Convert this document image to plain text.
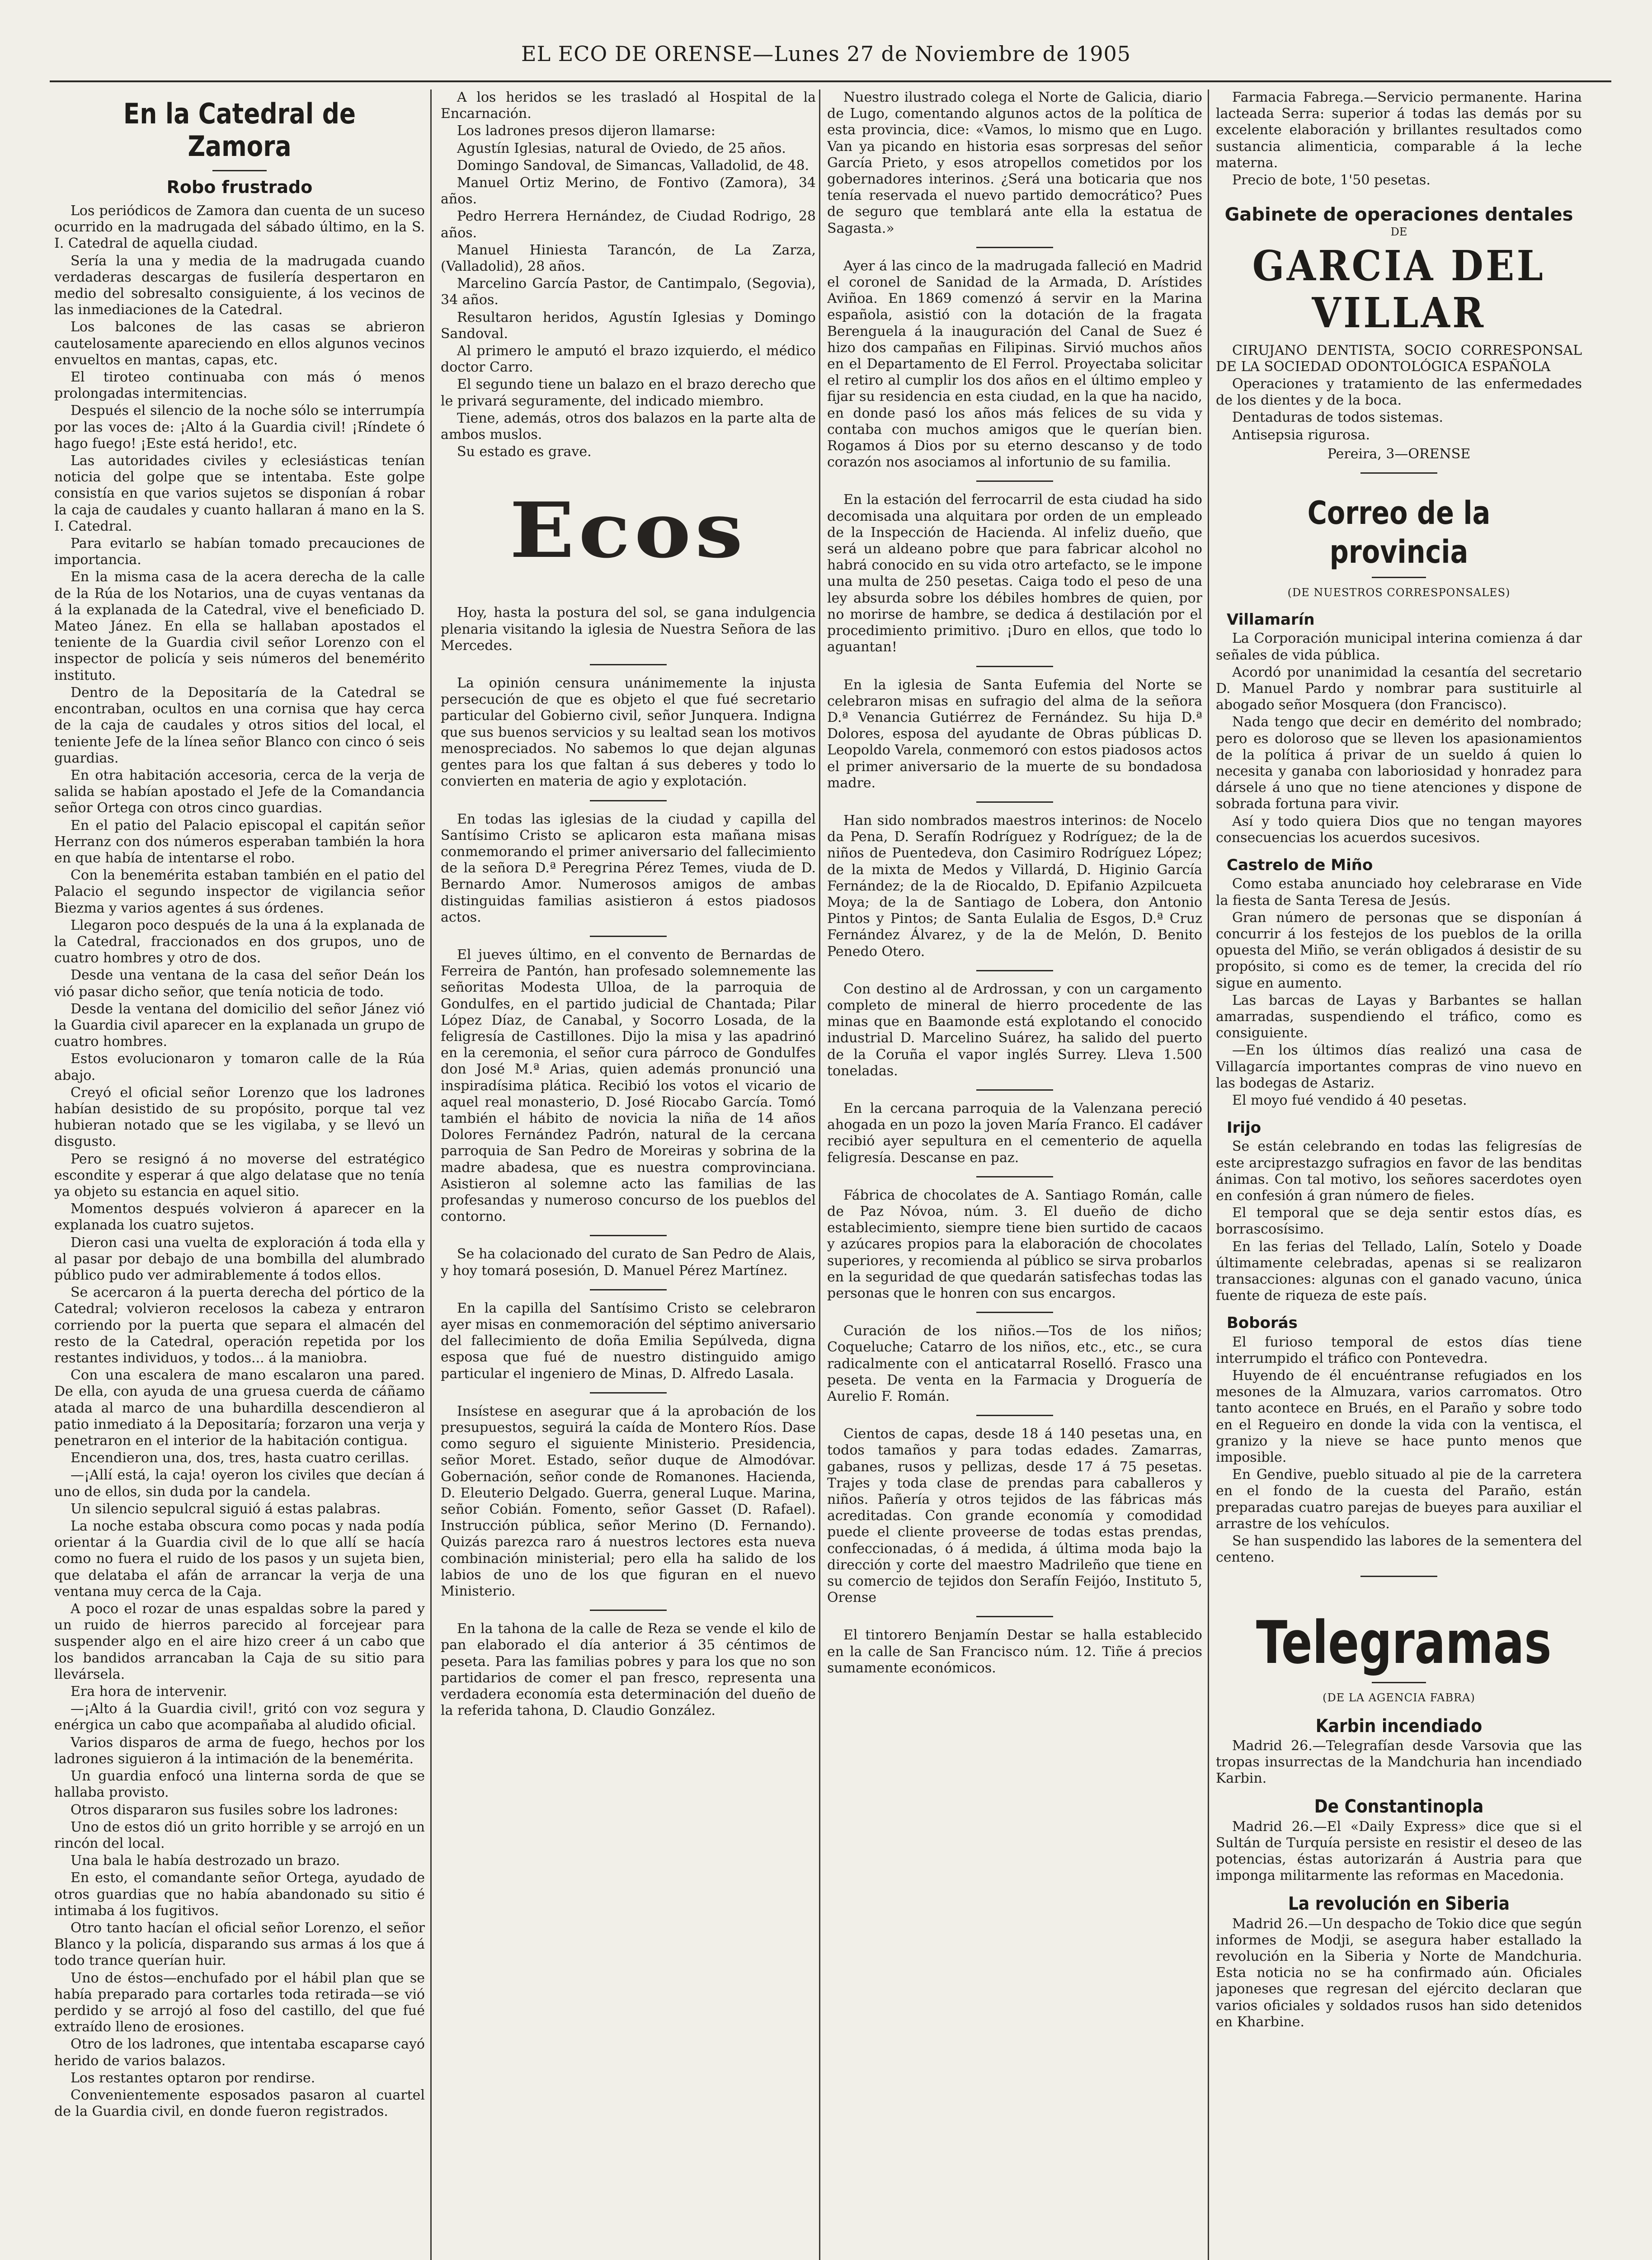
EL ECO DE ORENSE—Lunes 27 de Noviembre de 1905
En la Catedral de Zamora
Robo frustrado

Los periódicos de Zamora dan cuenta de un suceso ocurrido en la madrugada del sábado último, en la S. I. Catedral de aquella ciudad.

Sería la una y media de la madrugada cuando verdaderas descargas de fusilería despertaron en medio del sobresalto consiguiente, á los vecinos de las inmediaciones de la Catedral.

Los balcones de las casas se abrieron cautelosamente apareciendo en ellos algunos vecinos envueltos en mantas, capas, etc.

El tiroteo continuaba con más ó menos prolongadas intermitencias.

Después el silencio de la noche sólo se interrumpía por las voces de: ¡Alto á la Guardia civil! ¡Ríndete ó hago fuego! ¡Este está herido!, etc.

Las autoridades civiles y eclesiásticas tenían noticia del golpe que se intentaba. Este golpe consistía en que varios sujetos se disponían á robar la caja de caudales y cuanto hallaran á mano en la S. I. Catedral.

Para evitarlo se habían tomado precauciones de importancia.

En la misma casa de la acera derecha de la calle de la Rúa de los Notarios, una de cuyas ventanas da á la explanada de la Catedral, vive el beneficiado D. Mateo Jánez. En ella se hallaban apostados el teniente de la Guardia civil señor Lorenzo con el inspector de policía y seis números del benemérito instituto.

Dentro de la Depositaría de la Catedral se encontraban, ocultos en una cornisa que hay cerca de la caja de caudales y otros sitios del local, el teniente Jefe de la línea señor Blanco con cinco ó seis guardias.

En otra habitación accesoria, cerca de la verja de salida se habían apostado el Jefe de la Comandancia señor Ortega con otros cinco guardias.

En el patio del Palacio episcopal el capitán señor Herranz con dos números esperaban también la hora en que había de intentarse el robo.

Con la benemérita estaban también en el patio del Palacio el segundo inspector de vigilancia señor Biezma y varios agentes á sus órdenes.

Llegaron poco después de la una á la explanada de la Catedral, fraccionados en dos grupos, uno de cuatro hombres y otro de dos.

Desde una ventana de la casa del señor Deán los vió pasar dicho señor, que tenía noticia de todo.

Desde la ventana del domicilio del señor Jánez vió la Guardia civil aparecer en la explanada un grupo de cuatro hombres.

Estos evolucionaron y tomaron calle de la Rúa abajo.

Creyó el oficial señor Lorenzo que los ladrones habían desistido de su propósito, porque tal vez hubieran notado que se les vigilaba, y se llevó un disgusto.

Pero se resignó á no moverse del estratégico escondite y esperar á que algo delatase que no tenía ya objeto su estancia en aquel sitio.

Momentos después volvieron á aparecer en la explanada los cuatro sujetos.

Dieron casi una vuelta de exploración á toda ella y al pasar por debajo de una bombilla del alumbrado público pudo ver admirablemente á todos ellos.

Se acercaron á la puerta derecha del pórtico de la Catedral; volvieron recelosos la cabeza y entraron corriendo por la puerta que separa el almacén del resto de la Catedral, operación repetida por los restantes individuos, y todos... á la maniobra.

Con una escalera de mano escalaron una pared. De ella, con ayuda de una gruesa cuerda de cáñamo atada al marco de una buhardilla descendieron al patio inmediato á la Depositaría; forzaron una verja y penetraron en el interior de la habitación contigua.

Encendieron una, dos, tres, hasta cuatro cerillas.

—¡Allí está, la caja! oyeron los civiles que decían á uno de ellos, sin duda por la candela.

Un silencio sepulcral siguió á estas palabras.

La noche estaba obscura como pocas y nada podía orientar á la Guardia civil de lo que allí se hacía como no fuera el ruido de los pasos y un sujeta bien, que delataba el afán de arrancar la verja de una ventana muy cerca de la Caja.

A poco el rozar de unas espaldas sobre la pared y un ruido de hierros parecido al forcejear para suspender algo en el aire hizo creer á un cabo que los bandidos arrancaban la Caja de su sitio para llevársela.

Era hora de intervenir.

—¡Alto á la Guardia civil!, gritó con voz segura y enérgica un cabo que acompañaba al aludido oficial.

Varios disparos de arma de fuego, hechos por los ladrones siguieron á la intimación de la benemérita.

Un guardia enfocó una linterna sorda de que se hallaba provisto.

Otros dispararon sus fusiles sobre los ladrones:

Uno de estos dió un grito horrible y se arrojó en un rincón del local.

Una bala le había destrozado un brazo.

En esto, el comandante señor Ortega, ayudado de otros guardias que no había abandonado su sitio é intimaba á los fugitivos.

Otro tanto hacían el oficial señor Lorenzo, el señor Blanco y la policía, disparando sus armas á los que á todo trance querían huir.

Uno de éstos—enchufado por el hábil plan que se había preparado para cortarles toda retirada—se vió perdido y se arrojó al foso del castillo, del que fué extraído lleno de erosiones.

Otro de los ladrones, que intentaba escaparse cayó herido de varios balazos.

Los restantes optaron por rendirse.

Convenientemente esposados pasaron al cuartel de la Guardia civil, en donde fueron registrados.

A los heridos se les trasladó al Hospital de la Encarnación.

Los ladrones presos dijeron llamarse:

Agustín Iglesias, natural de Oviedo, de 25 años.

Domingo Sandoval, de Simancas, Valladolid, de 48.

Manuel Ortiz Merino, de Fontivo (Zamora), 34 años.

Pedro Herrera Hernández, de Ciudad Rodrigo, 28 años.

Manuel Hiniesta Tarancón, de La Zarza, (Valladolid), 28 años.

Marcelino García Pastor, de Cantimpalo, (Segovia), 34 años.

Resultaron heridos, Agustín Iglesias y Domingo Sandoval.

Al primero le amputó el brazo izquierdo, el médico doctor Carro.

El segundo tiene un balazo en el brazo derecho que le privará seguramente, del indicado miembro.

Tiene, además, otros dos balazos en la parte alta de ambos muslos.

Su estado es grave.

Ecos

Hoy, hasta la postura del sol, se gana indulgencia plenaria visitando la iglesia de Nuestra Señora de las Mercedes.

La opinión censura unánimemente la injusta persecución de que es objeto el que fué secretario particular del Gobierno civil, señor Junquera. Indigna que sus buenos servicios y su lealtad sean los motivos menospreciados. No sabemos lo que dejan algunas gentes para los que faltan á sus deberes y todo lo convierten en materia de agio y explotación.

En todas las iglesias de la ciudad y capilla del Santísimo Cristo se aplicaron esta mañana misas conmemorando el primer aniversario del fallecimiento de la señora D.ª Peregrina Pérez Temes, viuda de D. Bernardo Amor. Numerosos amigos de ambas distinguidas familias asistieron á estos piadosos actos.

El jueves último, en el convento de Bernardas de Ferreira de Pantón, han profesado solemnemente las señoritas Modesta Ulloa, de la parroquia de Gondulfes, en el partido judicial de Chantada; Pilar López Díaz, de Canabal, y Socorro Losada, de la feligresía de Castillones. Dijo la misa y las apadrinó en la ceremonia, el señor cura párroco de Gondulfes don José M.ª Arias, quien además pronunció una inspiradísima plática. Recibió los votos el vicario de aquel real monasterio, D. José Riocabo García. Tomó también el hábito de novicia la niña de 14 años Dolores Fernández Padrón, natural de la cercana parroquia de San Pedro de Moreiras y sobrina de la madre abadesa, que es nuestra comprovinciana. Asistieron al solemne acto las familias de las profesandas y numeroso concurso de los pueblos del contorno.

Se ha colacionado del curato de San Pedro de Alais, y hoy tomará posesión, D. Manuel Pérez Martínez.

En la capilla del Santísimo Cristo se celebraron ayer misas en conmemoración del séptimo aniversario del fallecimiento de doña Emilia Sepúlveda, digna esposa que fué de nuestro distinguido amigo particular el ingeniero de Minas, D. Alfredo Lasala.

Insístese en asegurar que á la aprobación de los presupuestos, seguirá la caída de Montero Ríos. Dase como seguro el siguiente Ministerio. Presidencia, señor Moret. Estado, señor duque de Almodóvar. Gobernación, señor conde de Romanones. Hacienda, D. Eleuterio Delgado. Guerra, general Luque. Marina, señor Cobián. Fomento, señor Gasset (D. Rafael). Instrucción pública, señor Merino (D. Fernando). Quizás parezca raro á nuestros lectores esta nueva combinación ministerial; pero ella ha salido de los labios de uno de los que figuran en el nuevo Ministerio.

En la tahona de la calle de Reza se vende el kilo de pan elaborado el día anterior á 35 céntimos de peseta. Para las familias pobres y para los que no son partidarios de comer el pan fresco, representa una verdadera economía esta determinación del dueño de la referida tahona, D. Claudio González.

Nuestro ilustrado colega el Norte de Galicia, diario de Lugo, comentando algunos actos de la política de esta provincia, dice: «Vamos, lo mismo que en Lugo. Van ya picando en historia esas sorpresas del señor García Prieto, y esos atropellos cometidos por los gobernadores interinos. ¿Será una boticaria que nos tenía reservada el nuevo partido democrático? Pues de seguro que temblará ante ella la estatua de Sagasta.»

Ayer á las cinco de la madrugada falleció en Madrid el coronel de Sanidad de la Armada, D. Arístides Aviñoa. En 1869 comenzó á servir en la Marina española, asistió con la dotación de la fragata Berenguela á la inauguración del Canal de Suez é hizo dos campañas en Filipinas. Sirvió muchos años en el Departamento de El Ferrol. Proyectaba solicitar el retiro al cumplir los dos años en el último empleo y fijar su residencia en esta ciudad, en la que ha nacido, en donde pasó los años más felices de su vida y contaba con muchos amigos que le querían bien. Rogamos á Dios por su eterno descanso y de todo corazón nos asociamos al infortunio de su familia.

En la estación del ferrocarril de esta ciudad ha sido decomisada una alquitara por orden de un empleado de la Inspección de Hacienda. Al infeliz dueño, que será un aldeano pobre que para fabricar alcohol no habrá conocido en su vida otro artefacto, se le impone una multa de 250 pesetas. Caiga todo el peso de una ley absurda sobre los débiles hombres de quien, por no morirse de hambre, se dedica á destilación por el procedimiento primitivo. ¡Duro en ellos, que todo lo aguantan!

En la iglesia de Santa Eufemia del Norte se celebraron misas en sufragio del alma de la señora D.ª Venancia Gutiérrez de Fernández. Su hija D.ª Dolores, esposa del ayudante de Obras públicas D. Leopoldo Varela, conmemoró con estos piadosos actos el primer aniversario de la muerte de su bondadosa madre.

Han sido nombrados maestros interinos: de Nocelo da Pena, D. Serafín Rodríguez y Rodríguez; de la de niños de Puentedeva, don Casimiro Rodríguez López; de la mixta de Medos y Villardá, D. Higinio García Fernández; de la de Riocaldo, D. Epifanio Azpilcueta Moya; de la de Santiago de Lobera, don Antonio Pintos y Pintos; de Santa Eulalia de Esgos, D.ª Cruz Fernández Álvarez, y de la de Melón, D. Benito Penedo Otero.

Con destino al de Ardrossan, y con un cargamento completo de mineral de hierro procedente de las minas que en Baamonde está explotando el conocido industrial D. Marcelino Suárez, ha salido del puerto de la Coruña el vapor inglés Surrey. Lleva 1.500 toneladas.

En la cercana parroquia de la Valenzana pereció ahogada en un pozo la joven María Franco. El cadáver recibió ayer sepultura en el cementerio de aquella feligresía. Descanse en paz.

Fábrica de chocolates de A. Santiago Román, calle de Paz Nóvoa, núm. 3. El dueño de dicho establecimiento, siempre tiene bien surtido de cacaos y azúcares propios para la elaboración de chocolates superiores, y recomienda al público se sirva probarlos en la seguridad de que quedarán satisfechas todas las personas que le honren con sus encargos.

Curación de los niños.—Tos de los niños; Coqueluche; Catarro de los niños, etc., etc., se cura radicalmente con el anticatarral Roselló. Frasco una peseta. De venta en la Farmacia y Droguería de Aurelio F. Román.

Cientos de capas, desde 18 á 140 pesetas una, en todos tamaños y para todas edades. Zamarras, gabanes, rusos y pellizas, desde 17 á 75 pesetas. Trajes y toda clase de prendas para caballeros y niños. Pañería y otros tejidos de las fábricas más acreditadas. Con grande economía y comodidad puede el cliente proveerse de todas estas prendas, confeccionadas, ó á medida, á última moda bajo la dirección y corte del maestro Madrileño que tiene en su comercio de tejidos don Serafín Feijóo, Instituto 5, Orense

El tintorero Benjamín Destar se halla establecido en la calle de San Francisco núm. 12. Tiñe á precios sumamente económicos.

Farmacia Fabrega.—Servicio permanente. Harina lacteada Serra: superior á todas las demás por su excelente elaboración y brillantes resultados como sustancia alimenticia, comparable á la leche materna.

Precio de bote, 1'50 pesetas.

Gabinete de operaciones dentales
DE
GARCIA DEL VILLAR

CIRUJANO DENTISTA, SOCIO CORRESPONSAL DE LA SOCIEDAD ODONTOLÓGICA ESPAÑOLA

Operaciones y tratamiento de las enfermedades de los dientes y de la boca.

Dentaduras de todos sistemas.

Antisepsia rigurosa.

Pereira, 3—ORENSE

Correo de la provincia
(DE NUESTROS CORRESPONSALES)
Villamarín

La Corporación municipal interina comienza á dar señales de vida pública.

Acordó por unanimidad la cesantía del secretario D. Manuel Pardo y nombrar para sustituirle al abogado señor Mosquera (don Francisco).

Nada tengo que decir en demérito del nombrado; pero es doloroso que se lleven los apasionamientos de la política á privar de un sueldo á quien lo necesita y ganaba con laboriosidad y honradez para dársele á uno que no tiene atenciones y dispone de sobrada fortuna para vivir.

Así y todo quiera Dios que no tengan mayores consecuencias los acuerdos sucesivos.

Castrelo de Miño

Como estaba anunciado hoy celebrarase en Vide la fiesta de Santa Teresa de Jesús.

Gran número de personas que se disponían á concurrir á los festejos de los pueblos de la orilla opuesta del Miño, se verán obligados á desistir de su propósito, si como es de temer, la crecida del río sigue en aumento.

Las barcas de Layas y Barbantes se hallan amarradas, suspendiendo el tráfico, como es consiguiente.

—En los últimos días realizó una casa de Villagarcía importantes compras de vino nuevo en las bodegas de Astariz.

El moyo fué vendido á 40 pesetas.

Irijo

Se están celebrando en todas las feligresías de este arciprestazgo sufragios en favor de las benditas ánimas. Con tal motivo, los señores sacerdotes oyen en confesión á gran número de fieles.

El temporal que se deja sentir estos días, es borrascosísimo.

En las ferias del Tellado, Lalín, Sotelo y Doade últimamente celebradas, apenas si se realizaron transacciones: algunas con el ganado vacuno, única fuente de riqueza de este país.

Boborás

El furioso temporal de estos días tiene interrumpido el tráfico con Pontevedra.

Huyendo de él encuéntranse refugiados en los mesones de la Almuzara, varios carromatos. Otro tanto acontece en Brués, en el Paraño y sobre todo en el Regueiro en donde la vida con la ventisca, el granizo y la nieve se hace punto menos que imposible.

En Gendive, pueblo situado al pie de la carretera en el fondo de la cuesta del Paraño, están preparadas cuatro parejas de bueyes para auxiliar el arrastre de los vehículos.

Se han suspendido las labores de la sementera del centeno.

Telegramas
(DE LA AGENCIA FABRA)
Karbin incendiado

Madrid 26.—Telegrafían desde Varsovia que las tropas insurrectas de la Mandchuria han incendiado Karbin.

De Constantinopla

Madrid 26.—El «Daily Express» dice que si el Sultán de Turquía persiste en resistir el deseo de las potencias, éstas autorizarán á Austria para que imponga militarmente las reformas en Macedonia.

La revolución en Siberia

Madrid 26.—Un despacho de Tokio dice que según informes de Modji, se asegura haber estallado la revolución en la Siberia y Norte de Mandchuria. Esta noticia no se ha confirmado aún. Oficiales japoneses que regresan del ejército declaran que varios oficiales y soldados rusos han sido detenidos en Kharbine.
